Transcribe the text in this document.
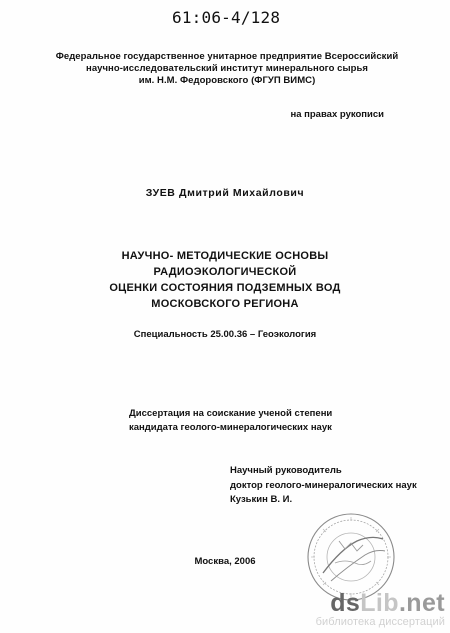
61:06-4/128
Федеральное государственное унитарное предприятие Всероссийский
научно-исследовательский институт минерального сырья
им. Н.М. Федоровского (ФГУП ВИМС)
на правах рукописи
ЗУЕВ Дмитрий Михайлович
НАУЧНО- МЕТОДИЧЕСКИЕ ОСНОВЫ РАДИОЭКОЛОГИЧЕСКОЙ
ОЦЕНКИ СОСТОЯНИЯ ПОДЗЕМНЫХ ВОД
МОСКОВСКОГО РЕГИОНА
Специальность 25.00.36 – Геоэкология
Диссертация на соискание ученой степени
кандидата геолого-минералогических наук
Научный руководитель
доктор геолого-минералогических наук
Кузькин В. И.
Москва, 2006
dsLib.net
библиотека диссертаций
